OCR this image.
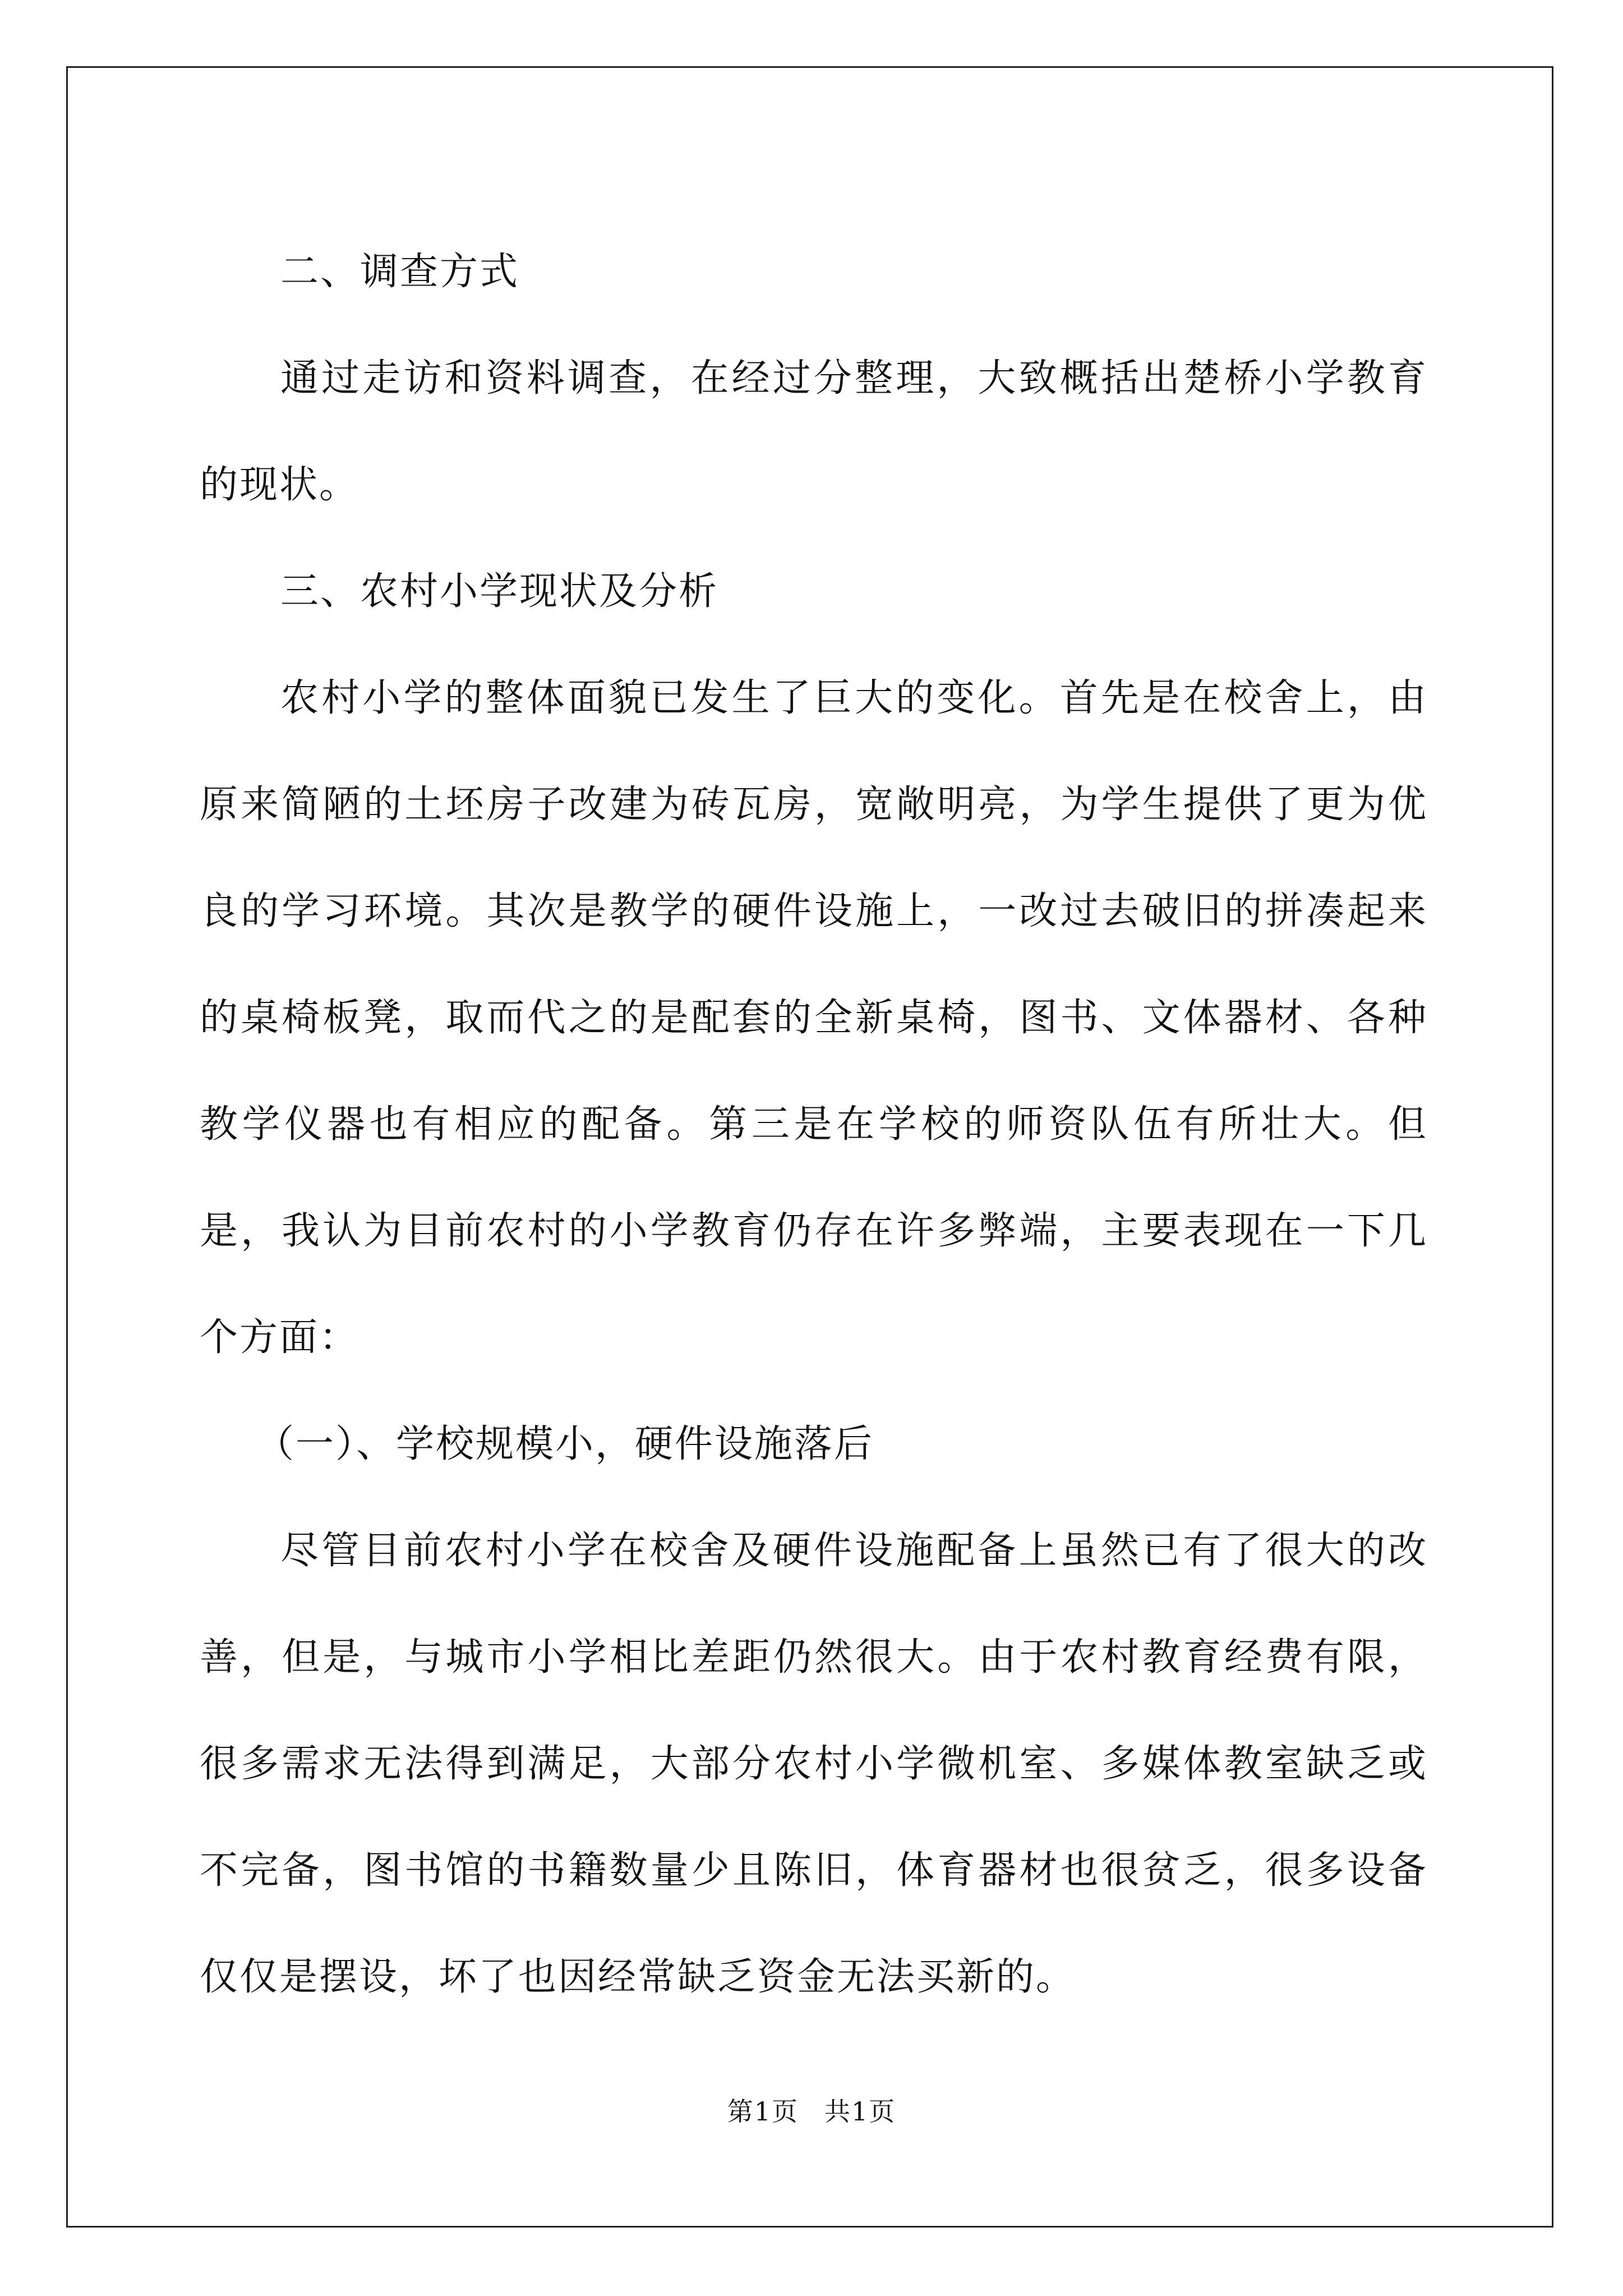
二、调查方式

通过走访和资料调查，在经过分整理，大致概括出楚桥小学教育的现状。

三、农村小学现状及分析

农村小学的整体面貌已发生了巨大的变化。首先是在校舍上，由原来简陋的土坯房子改建为砖瓦房，宽敞明亮，为学生提供了更为优良的学习环境。其次是教学的硬件设施上，一改过去破旧的拼凑起来的桌椅板凳，取而代之的是配套的全新桌椅，图书、文体器材、各种教学仪器也有相应的配备。第三是在学校的师资队伍有所壮大。但是，我认为目前农村的小学教育仍存在许多弊端，主要表现在一下几个方面：

（一）、学校规模小，硬件设施落后

尽管目前农村小学在校舍及硬件设施配备上虽然已有了很大的改善，但是，与城市小学相比差距仍然很大。由于农村教育经费有限，很多需求无法得到满足，大部分农村小学微机室、多媒体教室缺乏或不完备，图书馆的书籍数量少且陈旧，体育器材也很贫乏，很多设备仅仅是摆设，坏了也因经常缺乏资金无法买新的。

第1页 共1页
